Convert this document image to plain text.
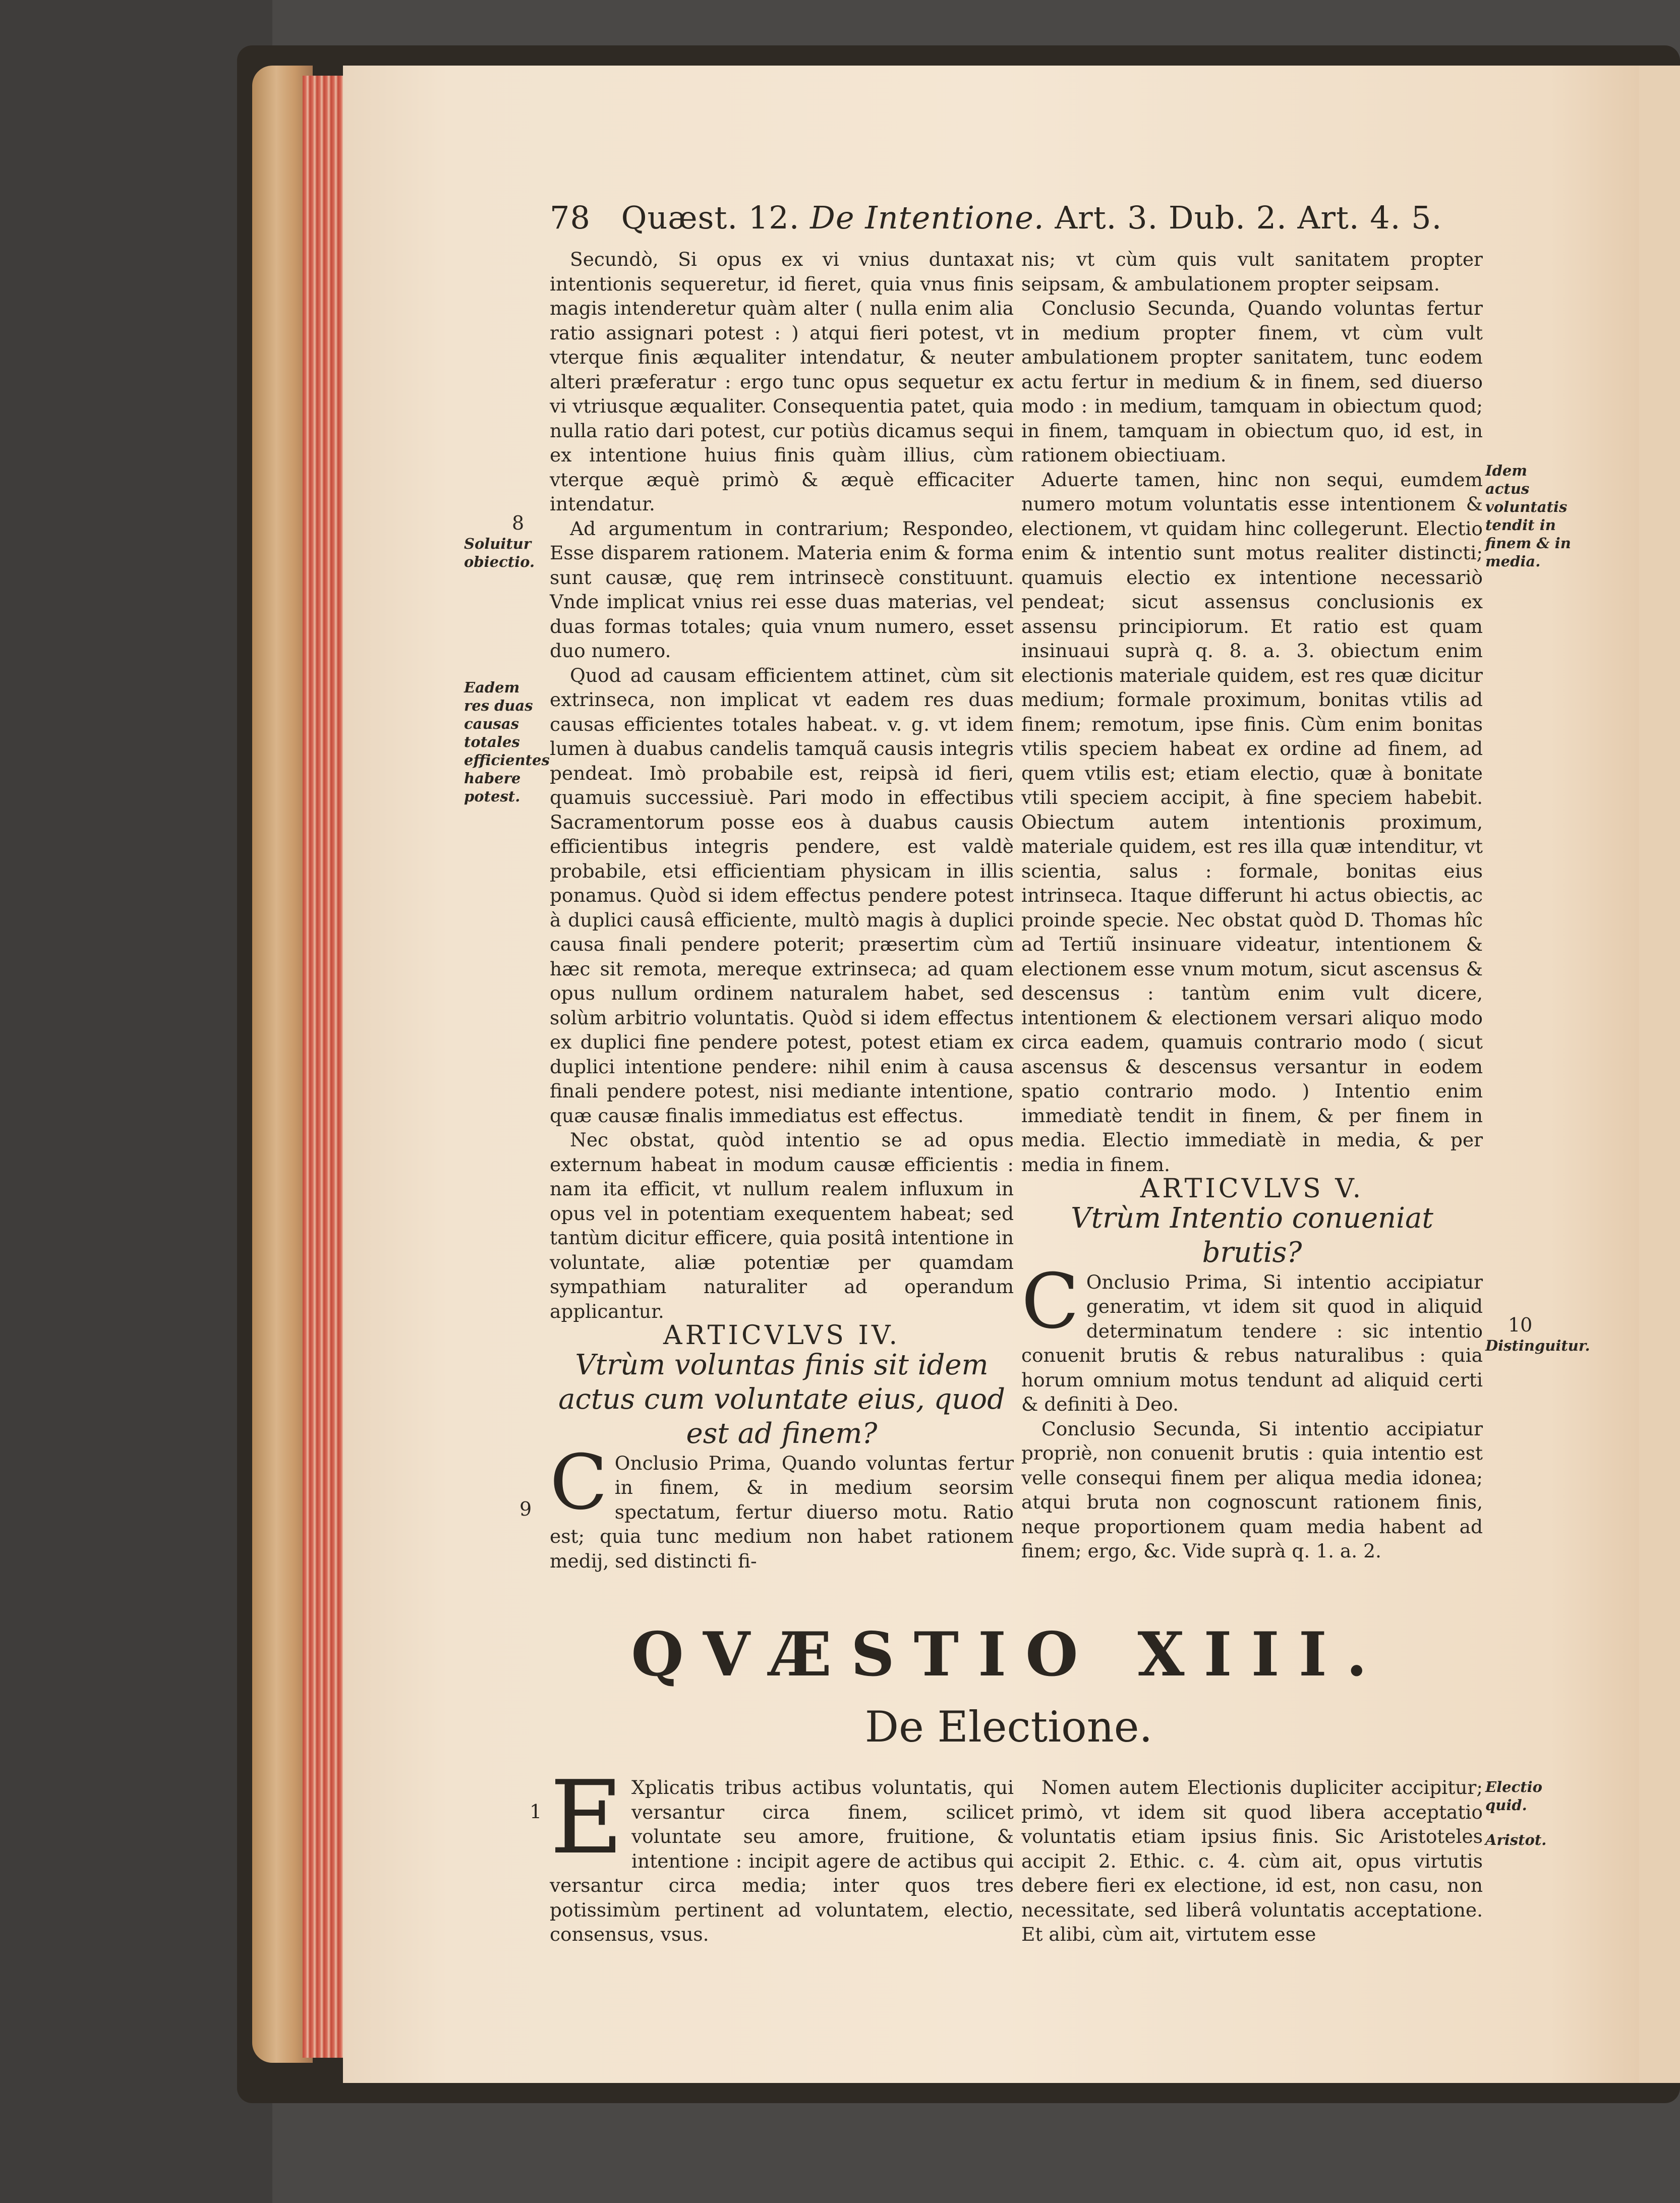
78 Quæst. 12. De Intentione. Art. 3. Dub. 2. Art. 4. 5.

Secundò, Si opus ex vi vnius duntaxat intentionis sequeretur, id fieret, quia vnus finis magis intenderetur quàm alter ( nulla enim alia ratio assignari potest : ) atqui fieri potest, vt vterque finis æqualiter intendatur, & neuter alteri præferatur : ergo tunc opus sequetur ex vi vtriusque æqualiter. Consequentia patet, quia nulla ratio dari potest, cur potiùs dicamus sequi ex intentione huius finis quàm illius, cùm vterque æquè primò & æquè efficaciter intendatur.

Ad argumentum in contrarium; Respondeo, Esse disparem rationem. Materia enim & forma sunt causæ, quę rem intrinsecè constituunt. Vnde implicat vnius rei esse duas materias, vel duas formas totales; quia vnum numero, esset duo numero.

Quod ad causam efficientem attinet, cùm sit extrinseca, non implicat vt eadem res duas causas efficientes totales habeat. v. g. vt idem lumen à duabus candelis tamquã causis integris pendeat. Imò probabile est, reipsà id fieri, quamuis successiuè. Pari modo in effectibus Sacramentorum posse eos à duabus causis efficientibus integris pendere, est valdè probabile, etsi efficientiam physicam in illis ponamus. Quòd si idem effectus pendere potest à duplici causâ efficiente, multò magis à duplici causa finali pendere poterit; præsertim cùm hæc sit remota, mereque extrinseca; ad quam opus nullum ordinem naturalem habet, sed solùm arbitrio voluntatis. Quòd si idem effectus ex duplici fine pendere potest, potest etiam ex duplici intentione pendere: nihil enim à causa finali pendere potest, nisi mediante intentione, quæ causæ finalis immediatus est effectus.

Nec obstat, quòd intentio se ad opus externum habeat in modum causæ efficientis : nam ita efficit, vt nullum realem influxum in opus vel in potentiam exequentem habeat; sed tantùm dicitur efficere, quia positâ intentione in voluntate, aliæ potentiæ per quamdam sympathiam naturaliter ad operandum applicantur.

ARTICVLVS IV.

Vtrùm voluntas finis sit idem actus cum voluntate eius, quod est ad finem?

C Onclusio Prima, Quando voluntas fertur in finem, & in medium seorsim spectatum, fertur diuerso motu. Ratio est; quia tunc medium non habet rationem medij, sed distincti fi-

nis; vt cùm quis vult sanitatem propter seipsam, & ambulationem propter seipsam.

Conclusio Secunda, Quando voluntas fertur in medium propter finem, vt cùm vult ambulationem propter sanitatem, tunc eodem actu fertur in medium & in finem, sed diuerso modo : in medium, tamquam in obiectum quod; in finem, tamquam in obiectum quo, id est, in rationem obiectiuam.

Aduerte tamen, hinc non sequi, eumdem numero motum voluntatis esse intentionem & electionem, vt quidam hinc collegerunt. Electio enim & intentio sunt motus realiter distincti; quamuis electio ex intentione necessariò pendeat; sicut assensus conclusionis ex assensu principiorum. Et ratio est quam insinuaui suprà q. 8. a. 3. obiectum enim electionis materiale quidem, est res quæ dicitur medium; formale proximum, bonitas vtilis ad finem; remotum, ipse finis. Cùm enim bonitas vtilis speciem habeat ex ordine ad finem, ad quem vtilis est; etiam electio, quæ à bonitate vtili speciem accipit, à fine speciem habebit. Obiectum autem intentionis proximum, materiale quidem, est res illa quæ intenditur, vt scientia, salus : formale, bonitas eius intrinseca. Itaque differunt hi actus obiectis, ac proinde specie. Nec obstat quòd D. Thomas hîc ad Tertiũ insinuare videatur, intentionem & electionem esse vnum motum, sicut ascensus & descensus : tantùm enim vult dicere, intentionem & electionem versari aliquo modo circa eadem, quamuis contrario modo ( sicut ascensus & descensus versantur in eodem spatio contrario modo. ) Intentio enim immediatè tendit in finem, & per finem in media. Electio immediatè in media, & per media in finem.

ARTICVLVS V.

Vtrùm Intentio conueniat brutis?

C Onclusio Prima, Si intentio accipiatur generatim, vt idem sit quod in aliquid determinatum tendere : sic intentio conuenit brutis & rebus naturalibus : quia horum omnium motus tendunt ad aliquid certi & definiti à Deo.

Conclusio Secunda, Si intentio accipiatur propriè, non conuenit brutis : quia intentio est velle consequi finem per aliqua media idonea; atqui bruta non cognoscunt rationem finis, neque proportionem quam media habent ad finem; ergo, &c. Vide suprà q. 1. a. 2.

8
Soluitur obiectio.
Eadem res duas causas totales efficientes habere potest.
9
Idem actus voluntatis tendit in finem & in media.
10
Distinguitur.
1
Electio quid.
Aristot.
QVÆSTIO XIII.
De Electione.

E Xplicatis tribus actibus voluntatis, qui versantur circa finem, scilicet voluntate seu amore, fruitione, & intentione : incipit agere de actibus qui versantur circa media; inter quos tres potissimùm pertinent ad voluntatem, electio, consensus, vsus.

Nomen autem Electionis dupliciter accipitur; primò, vt idem sit quod libera acceptatio voluntatis etiam ipsius finis. Sic Aristoteles accipit 2. Ethic. c. 4. cùm ait, opus virtutis debere fieri ex electione, id est, non casu, non necessitate, sed liberâ voluntatis acceptatione. Et alibi, cùm ait, virtutem esse
